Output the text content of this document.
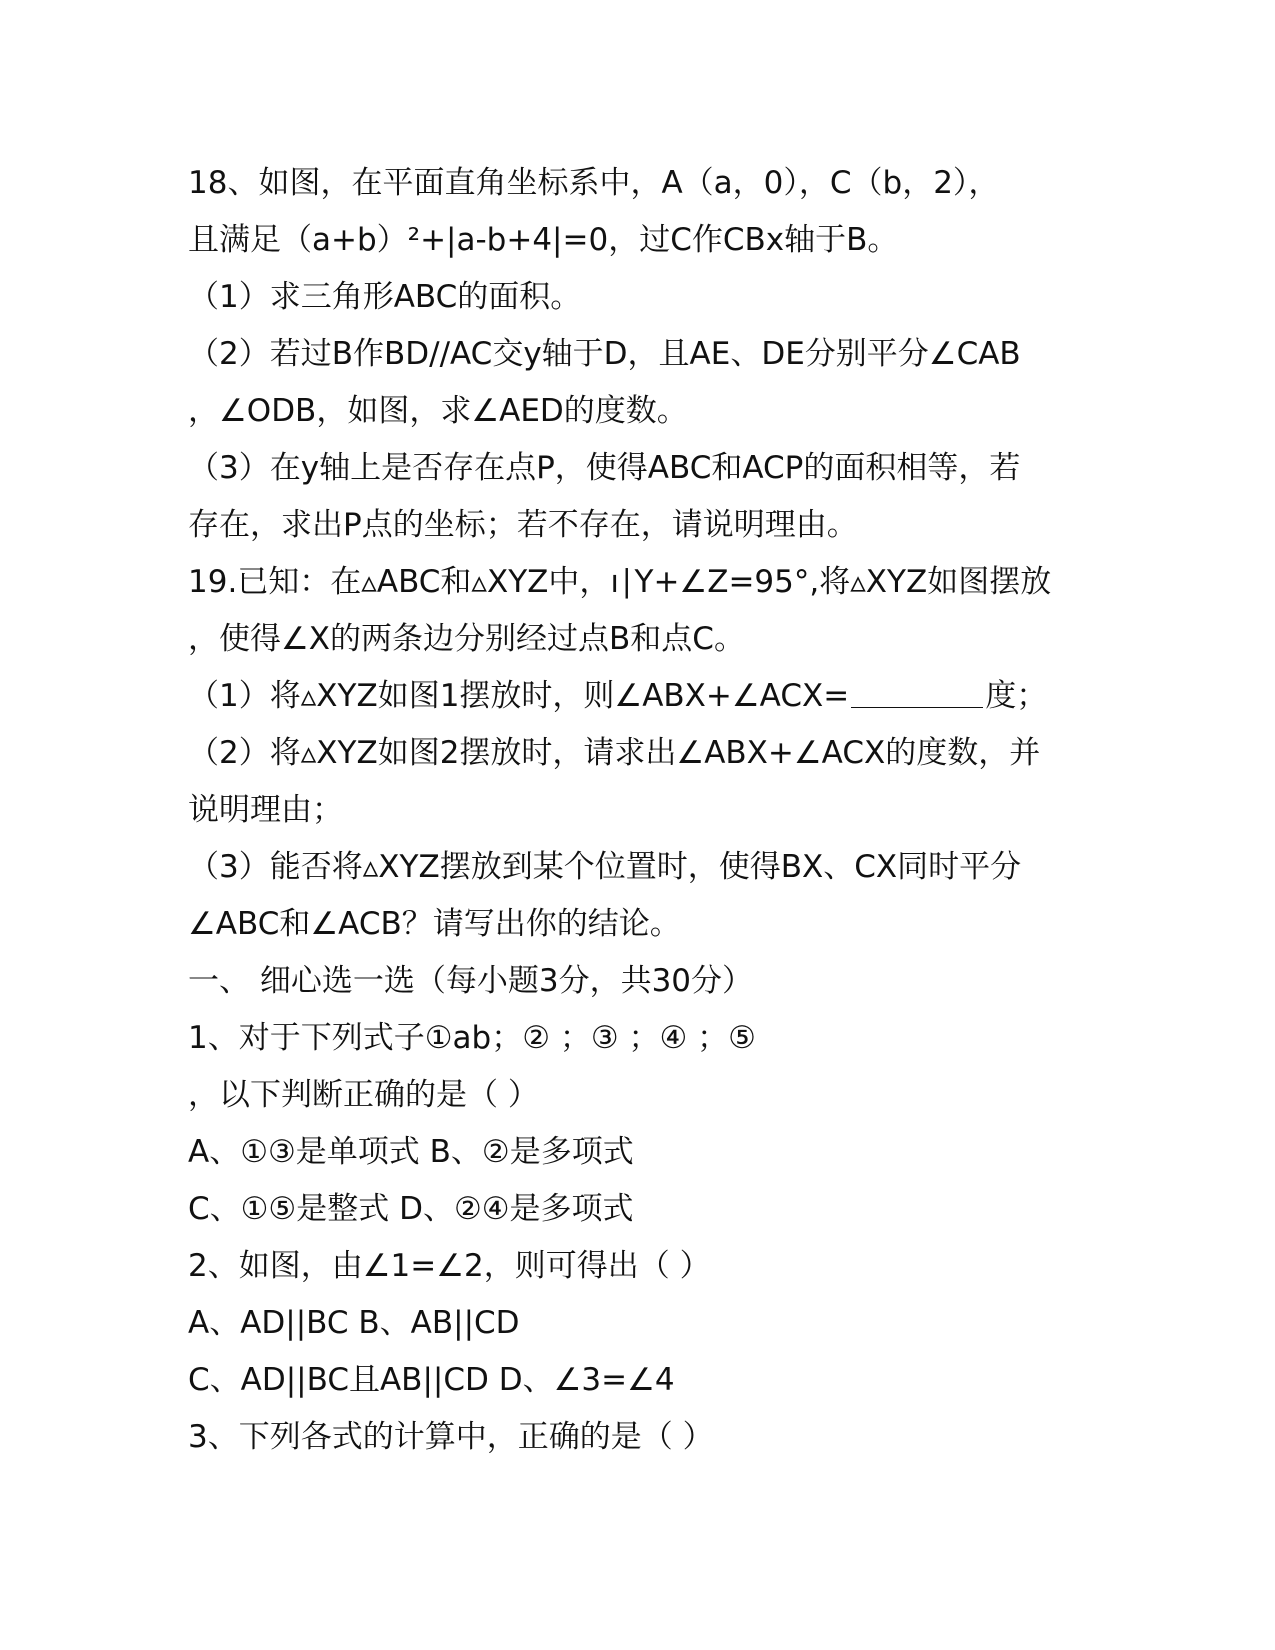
18、如图，在平面直角坐标系中，A（a，0），C（b，2），
且满足（a+b）²+|a-b+4|=0，过C作CBx轴于B。
（1）求三角形ABC的面积。
（2）若过B作BD//AC交y轴于D，且AE、DE分别平分∠CAB
，∠ODB，如图，求∠AED的度数。
（3）在y轴上是否存在点P，使得ABC和ACP的面积相等，若
存在，求出P点的坐标；若不存在，请说明理由。
19.已知：在▵ABC和▵XYZ中，ı∣Y+∠Z=95°,将▵XYZ如图摆放
，使得∠X的两条边分别经过点B和点C。
（1）将▵XYZ如图1摆放时，则∠ABX+∠ACX=	度；
（2）将▵XYZ如图2摆放时，请求出∠ABX+∠ACX的度数，并
说明理由；
（3）能否将▵XYZ摆放到某个位置时，使得BX、CX同时平分
∠ABC和∠ACB？请写出你的结论。
一、 细心选一选（每小题3分，共30分）
1、对于下列式子①ab；② ；③ ；④ ；⑤
，以下判断正确的是（ ）
A、①③是单项式 B、②是多项式
C、①⑤是整式 D、②④是多项式
2、如图，由∠1=∠2，则可得出（ ）
A、AD||BC B、AB||CD
C、AD||BC且AB||CD D、∠3=∠4
3、下列各式的计算中，正确的是（ ）
